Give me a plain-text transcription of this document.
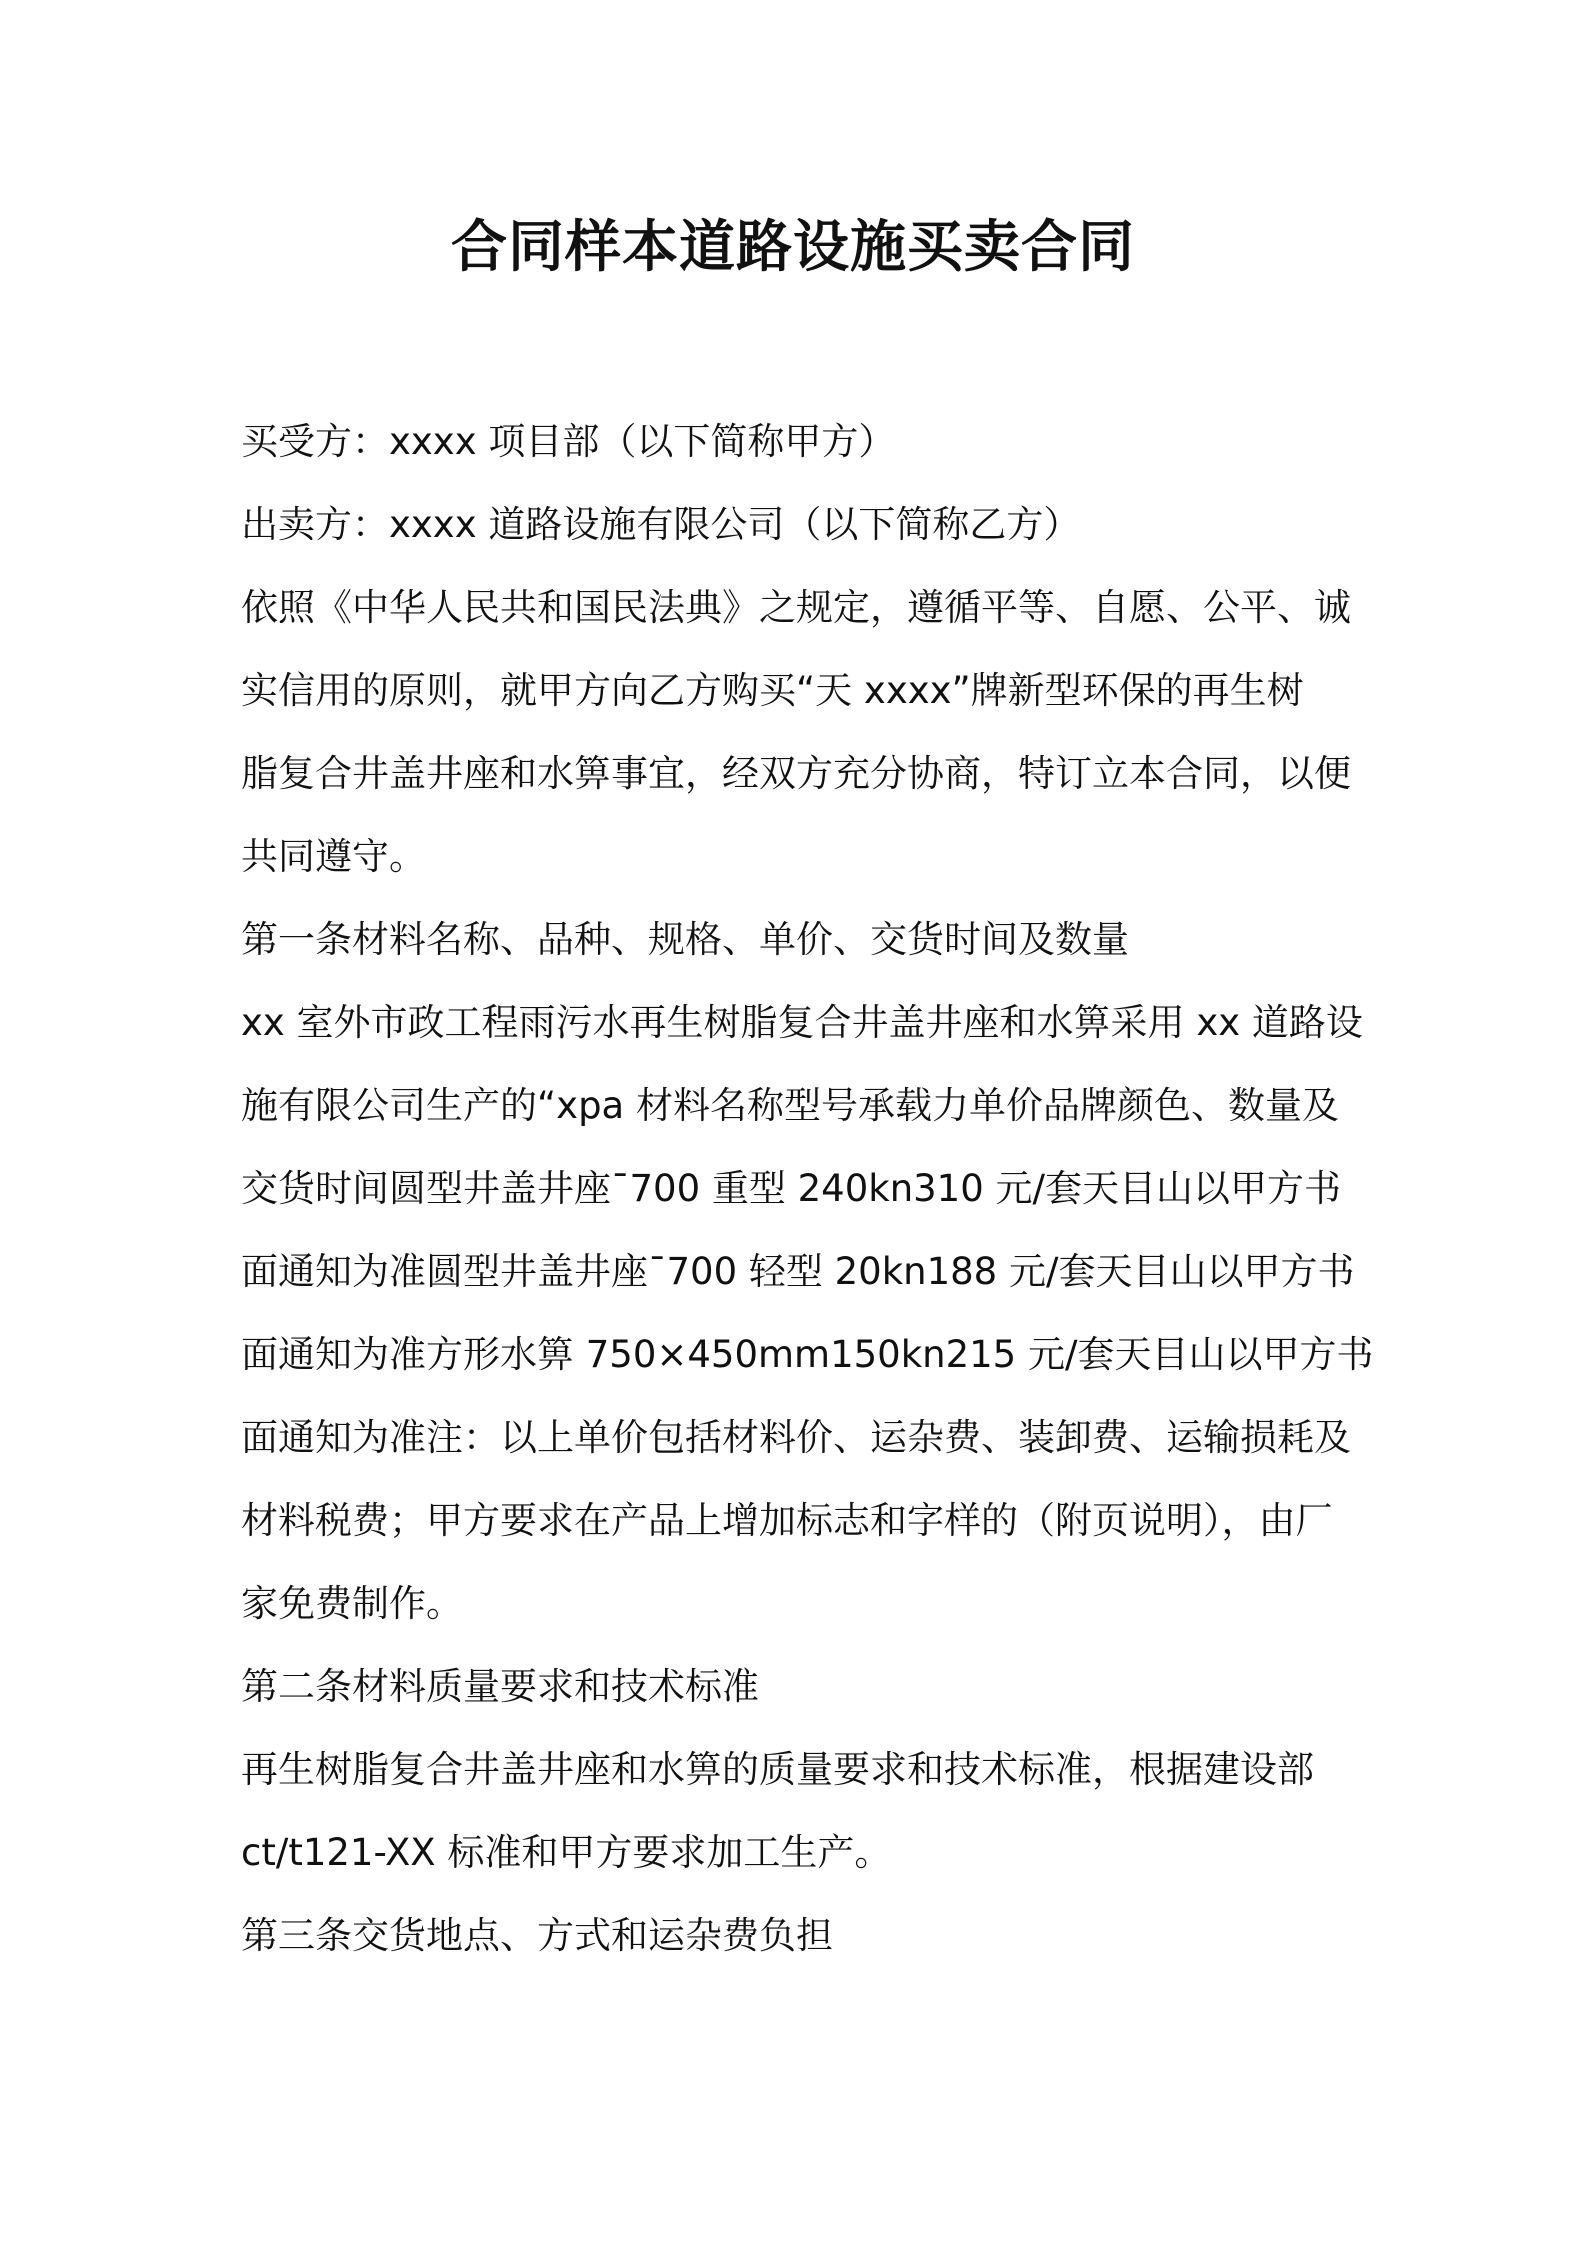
合同样本道路设施买卖合同
买受方：xxxx 项目部（以下简称甲方）
出卖方：xxxx 道路设施有限公司（以下简称乙方）
依照《中华人民共和国民法典》之规定，遵循平等、自愿、公平、诚
实信用的原则，就甲方向乙方购买“天 xxxx”牌新型环保的再生树
脂复合井盖井座和水箅事宜，经双方充分协商，特订立本合同，以便
共同遵守。
第一条材料名称、品种、规格、单价、交货时间及数量
xx 室外市政工程雨污水再生树脂复合井盖井座和水箅采用 xx 道路设
施有限公司生产的“xpa 材料名称型号承载力单价品牌颜色、数量及
交货时间圆型井盖井座¯700 重型 240kn310 元/套天目山以甲方书
面通知为准圆型井盖井座¯700 轻型 20kn188 元/套天目山以甲方书
面通知为准方形水箅 750×450mm150kn215 元/套天目山以甲方书
面通知为准注：以上单价包括材料价、运杂费、装卸费、运输损耗及
材料税费；甲方要求在产品上增加标志和字样的（附页说明），由厂
家免费制作。
第二条材料质量要求和技术标准
再生树脂复合井盖井座和水箅的质量要求和技术标准，根据建设部
ct/t121-XX 标准和甲方要求加工生产。
第三条交货地点、方式和运杂费负担
